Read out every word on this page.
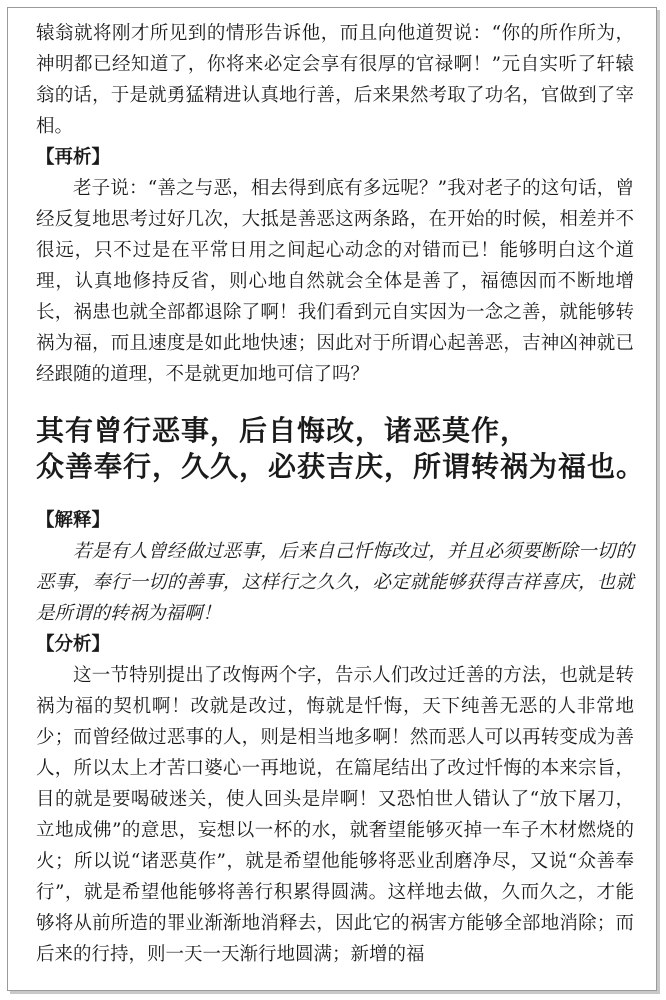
辕翁就将刚才所见到的情形告诉他，而且向他道贺说：“你的所作所为，神明都已经知道了，你将来必定会享有很厚的官禄啊！”元自实听了轩辕翁的话，于是就勇猛精进认真地行善，后来果然考取了功名，官做到了宰相。

【再析】

老子说：“善之与恶，相去得到底有多远呢？”我对老子的这句话，曾经反复地思考过好几次，大抵是善恶这两条路，在开始的时候，相差并不很远，只不过是在平常日用之间起心动念的对错而已！能够明白这个道理，认真地修持反省，则心地自然就会全体是善了，福德因而不断地增长，祸患也就全部都退除了啊！我们看到元自实因为一念之善，就能够转祸为福，而且速度是如此地快速；因此对于所谓心起善恶，吉神凶神就已经跟随的道理，不是就更加地可信了吗？

其有曾行恶事，后自悔改，诸恶莫作，
众善奉行，久久，必获吉庆，所谓转祸为福也。

【解释】

若是有人曾经做过恶事，后来自己忏悔改过，并且必须要断除一切的恶事，奉行一切的善事，这样行之久久，必定就能够获得吉祥喜庆，也就是所谓的转祸为福啊！

【分析】

这一节特别提出了改悔两个字，告示人们改过迁善的方法，也就是转祸为福的契机啊！改就是改过，悔就是忏悔，天下纯善无恶的人非常地少；而曾经做过恶事的人，则是相当地多啊！然而恶人可以再转变成为善人，所以太上才苦口婆心一再地说，在篇尾结出了改过忏悔的本来宗旨，目的就是要喝破迷关，使人回头是岸啊！又恐怕世人错认了“放下屠刀，立地成佛”的意思，妄想以一杯的水，就奢望能够灭掉一车子木材燃烧的火；所以说“诸恶莫作”，就是希望他能够将恶业刮磨净尽，又说“众善奉行”，就是希望他能够将善行积累得圆满。这样地去做，久而久之，才能够将从前所造的罪业渐渐地消释去，因此它的祸害方能够全部地消除；而后来的行持，则一天一天渐行地圆满；新增的福
